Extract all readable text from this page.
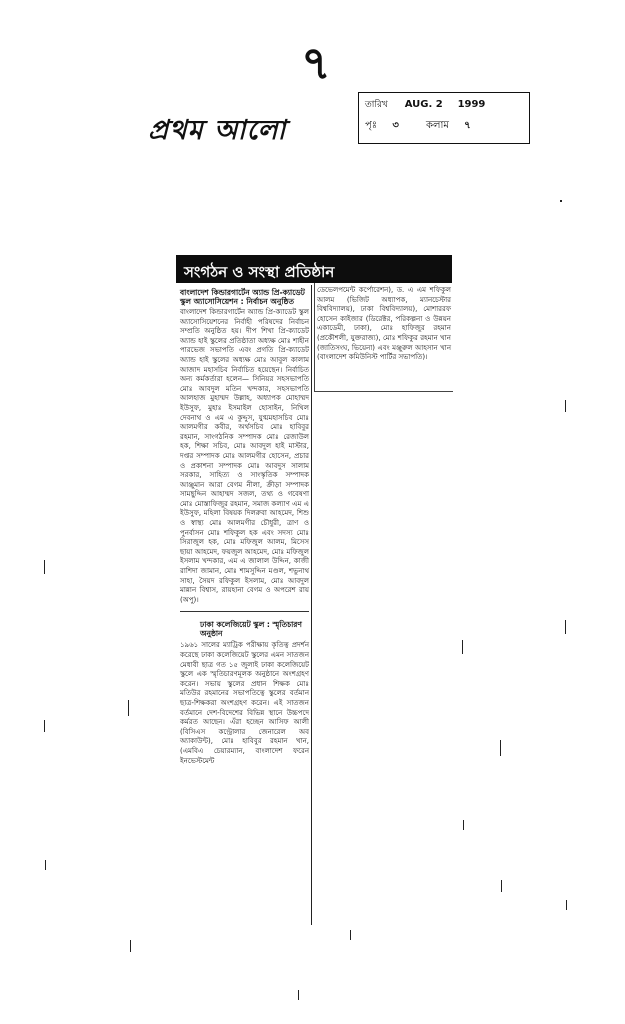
৭
প্রথম আলো
তারিখ AUG. 2 1999
পৃঃ ৩	কলাম ৭
সংগঠন ও সংস্থা প্রতিষ্ঠান
বাংলাদেশ কিন্ডারগার্টেন অ্যান্ড প্রি-ক্যাডেট স্কুল অ্যাসোসিয়েশন : নির্বাচন অনুষ্ঠিত
বাংলাদেশ কিন্ডারগার্টেন অ্যান্ড প্রি-ক্যাডেট স্কুল অ্যাসোসিয়েশনের নির্বাহী পরিষদের নির্বাচন সম্প্রতি অনুষ্ঠিত হয়। দীপ শিখা প্রি-ক্যাডেট অ্যান্ড হাই স্কুলের প্রতিষ্ঠাতা অধ্যক্ষ মোঃ শাহীন পারভেজ সভাপতি এবং প্রগতি প্রি-ক্যাডেট অ্যান্ড হাই স্কুলের অধ্যক্ষ মোঃ আবুল কালাম আজাদ মহাসচিব নির্বাচিত হয়েছেন। নির্বাচিত অন্য কর্মকর্তারা হলেন— সিনিয়র সহসভাপতি মোঃ আবদুল মতিন খন্দকার, সহসভাপতি আলহাজ মুহাম্মদ উল্লাহ, অধ্যাপক মোহাম্মদ ইউসুফ, মুহাঃ ইসমাইল হোসাইন, নিখিল দেবনাথ ও এম এ কুদ্দুস, যুগ্মমহাসচিব মোঃ আলমগীর কবীর, অর্থসচিব মোঃ হাবিবুর রহমান, সাংগঠনিক সম্পাদক মোঃ রেজাউল হক, শিক্ষা সচিব, মোঃ আবদুল হাই মাস্টার, দপ্তর সম্পাদক মোঃ আলমগীর হোসেন, প্রচার ও প্রকাশনা সম্পাদক মোঃ আবদুস সালাম সরকার, সাহিত্য ও সাংস্কৃতিক সম্পাদক আঞ্জুমান আরা বেগম নীলা, ক্রীড়া সম্পাদক সামছুদ্দিন আহাম্মদ সজল, তথ্য ও গবেষণা মোঃ মোস্তাফিজুর রহমান, সমাজ কল্যাণ এম এ ইউসুফ, মহিলা বিষয়ক দিলরুবা আহমেদ, শিশু ও স্বাস্থ্য মোঃ আলমগীর চৌধুরী, ত্রাণ ও পুনর্বাসন মোঃ শফিকুল হক এবং সদস্য মোঃ সিরাজুল হক, মোঃ মফিজুল আলম, মিসেস ছায়া আহমেদ, ফয়জুল আহমেদ, মোঃ মফিজুল ইসলাম খন্দকার, এম এ জালাল উদ্দিন, কাজী রাশিদা জামান, মোঃ শামসুদ্দিন মণ্ডল, শভুনাথ সাহা, সৈয়দ রফিকুল ইসলাম, মোঃ আবদুল মান্নান বিশ্বাস, রায়হানা বেগম ও অপরেশ রায় (অপু)।
ঢাকা কলেজিয়েট স্কুল : স্মৃতিচারণ অনুষ্ঠান
১৯৬১ সালের ম্যাট্রিক পরীক্ষায় কৃতিত্ব প্রদর্শন করেছে ঢাকা কলেজিয়েট স্কুলের এমন সাতজন মেধাবী ছাত্র গত ১৫ জুলাই ঢাকা কলেজিয়েট স্কুলে এক স্মৃতিচারণমূলক অনুষ্ঠানে অংশগ্রহণ করেন। সভায় স্কুলের প্রধান শিক্ষক মোঃ মতিউর রহমানের সভাপতিত্বে স্কুলের বর্তমান ছাত্র-শিক্ষকরা অংশগ্রহণ করেন। এই সাতজন বর্তমানে দেশ-বিদেশের বিভিন্ন স্থানে উচ্চপদে কর্মরত আছেন। এঁরা হচ্ছেন আসিফ আলী (বিসিএস কন্ট্রোলার জেনারেল অব অ্যাকাউন্ট), মোঃ হাবিবুর রহমান খান, (এমবিএ চেয়ারম্যান, বাংলাদেশ ফরেন ইনভেস্টমেন্ট
ডেভেলপমেন্ট কর্পোরেশন), ড. এ এম শফিকুল আলম (ভিজিট অধ্যাপক, ম্যানচেস্টার বিশ্ববিদ্যালয়), ঢাকা বিশ্ববিদ্যালয়), মোশাররফ হোসেন কাইজার (ডিরেক্টর, পরিকল্পনা ও উন্নয়ন একাডেমী, ঢাকা), মোঃ হাফিজুর রহমান (প্রকৌশলী, যুক্তরাজ্য), মোঃ শফিকুর রহমান খান (জাতিসংঘ, ভিয়েনা) এবং মঞ্জুরুল আহসান খান (বাংলাদেশ কমিউনিস্ট পার্টির সভাপতি)।
